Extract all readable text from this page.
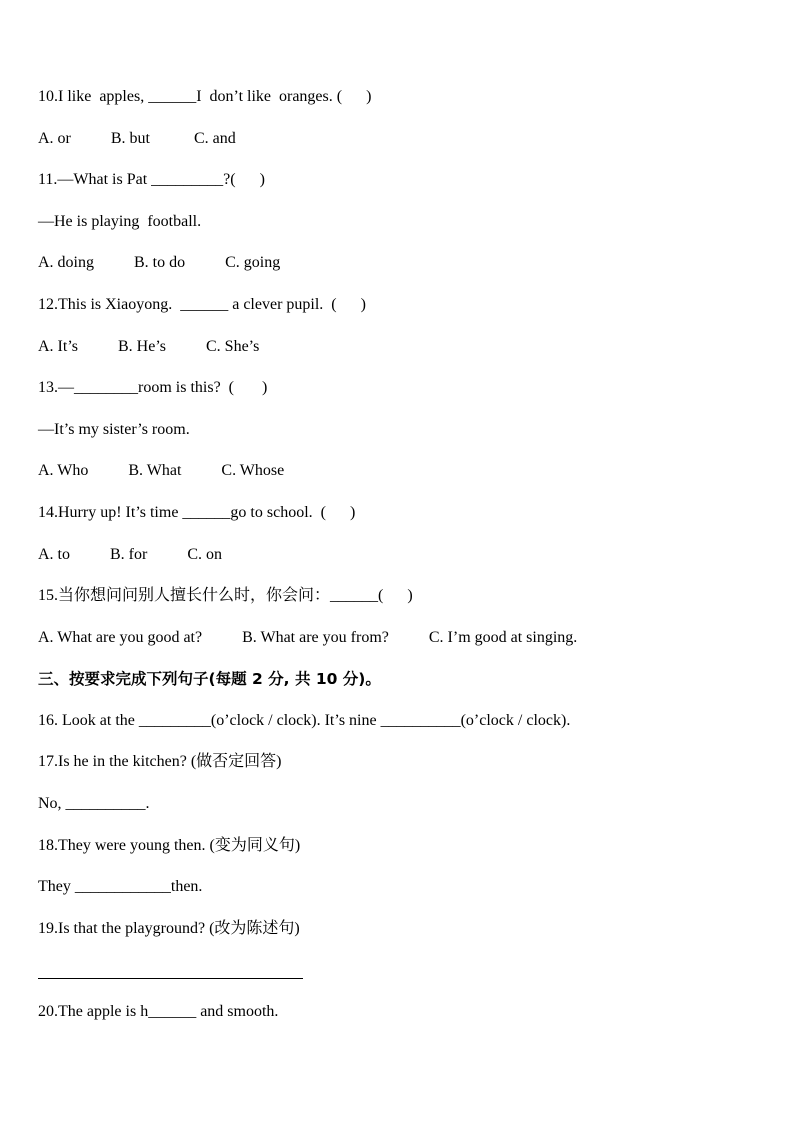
10.I like  apples, ______I  don’t like  oranges. (      )
A. or          B. but           C. and
11.—What is Pat _________?(      )
—He is playing  football.
A. doing          B. to do          C. going
12.This is Xiaoyong.  ______ a clever pupil.  (      )
A. It’s          B. He’s          C. She’s
13.—________room is this?  (       )
—It’s my sister’s room.
A. Who          B. What          C. Whose
14.Hurry up! It’s time ______go to school.  (      )
A. to          B. for          C. on
15.当你想问问别人擅长什么时，你会问：______(      )
A. What are you good at?          B. What are you from?          C. I’m good at singing.
三、按要求完成下列句子(每题 2 分, 共 10 分)。
16. Look at the _________(o’clock / clock). It’s nine __________(o’clock / clock).
17.Is he in the kitchen? (做否定回答)
No, __________.
18.They were young then. (变为同义句)
They ____________then.
19.Is that the playground? (改为陈述句)
20.The apple is h______ and smooth.
